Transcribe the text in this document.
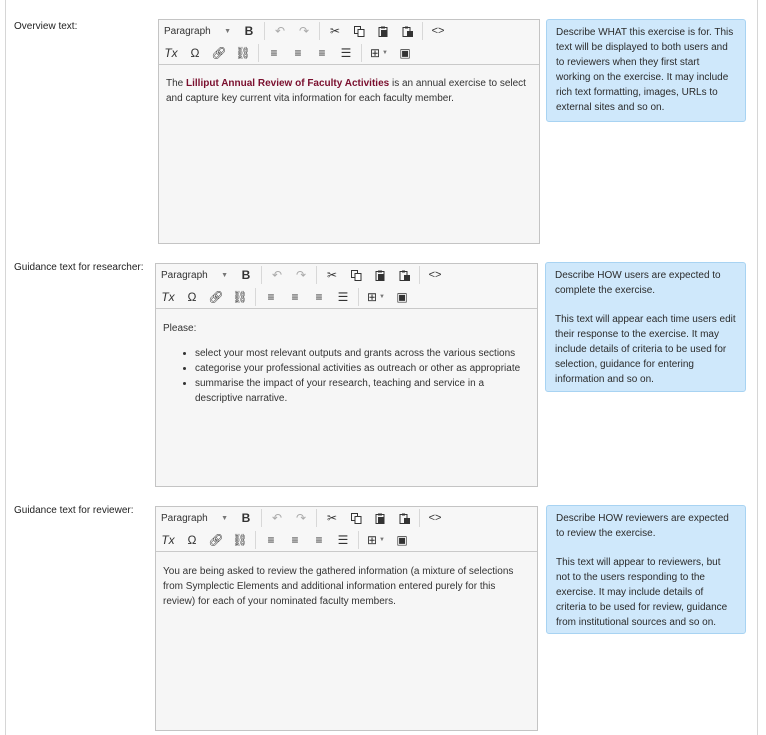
Overview text:	Paragraph ▼	B	↶	↷	✂	<>
Tx	Ω 🔗︎ ⛓︎	≡	≡	≡	☰	⊞ ▼ ▣

The Lilliput Annual Review of Faculty Activities is an annual exercise to select and capture key current vita information for each faculty member.

Describe WHAT this exercise is for. This text will be displayed to both users and to reviewers when they first start working on the exercise. It may include rich text formatting, images, URLs to external sites and so on.

Guidance text for researcher:
Paragraph ▼	B	↶	↷	✂	<>
Tx	Ω 🔗︎ ⛓︎	≡	≡	≡	☰	⊞ ▼ ▣

Please:

• select your most relevant outputs and grants across the various sections
• categorise your professional activities as outreach or other as appropriate
• summarise the impact of your research, teaching and service in a descriptive narrative.

Describe HOW users are expected to complete the exercise.

This text will appear each time users edit their response to the exercise. It may include details of criteria to be used for selection, guidance for entering information and so on.

Guidance text for reviewer:
Paragraph ▼	B	↶	↷	✂	<>
Tx	Ω 🔗︎ ⛓︎	≡	≡	≡	☰	⊞ ▼ ▣

You are being asked to review the gathered information (a mixture of selections from Symplectic Elements and additional information entered purely for this review) for each of your nominated faculty members.

Describe HOW reviewers are expected to review the exercise.

This text will appear to reviewers, but not to the users responding to the exercise. It may include details of criteria to be used for review, guidance from institutional sources and so on.
